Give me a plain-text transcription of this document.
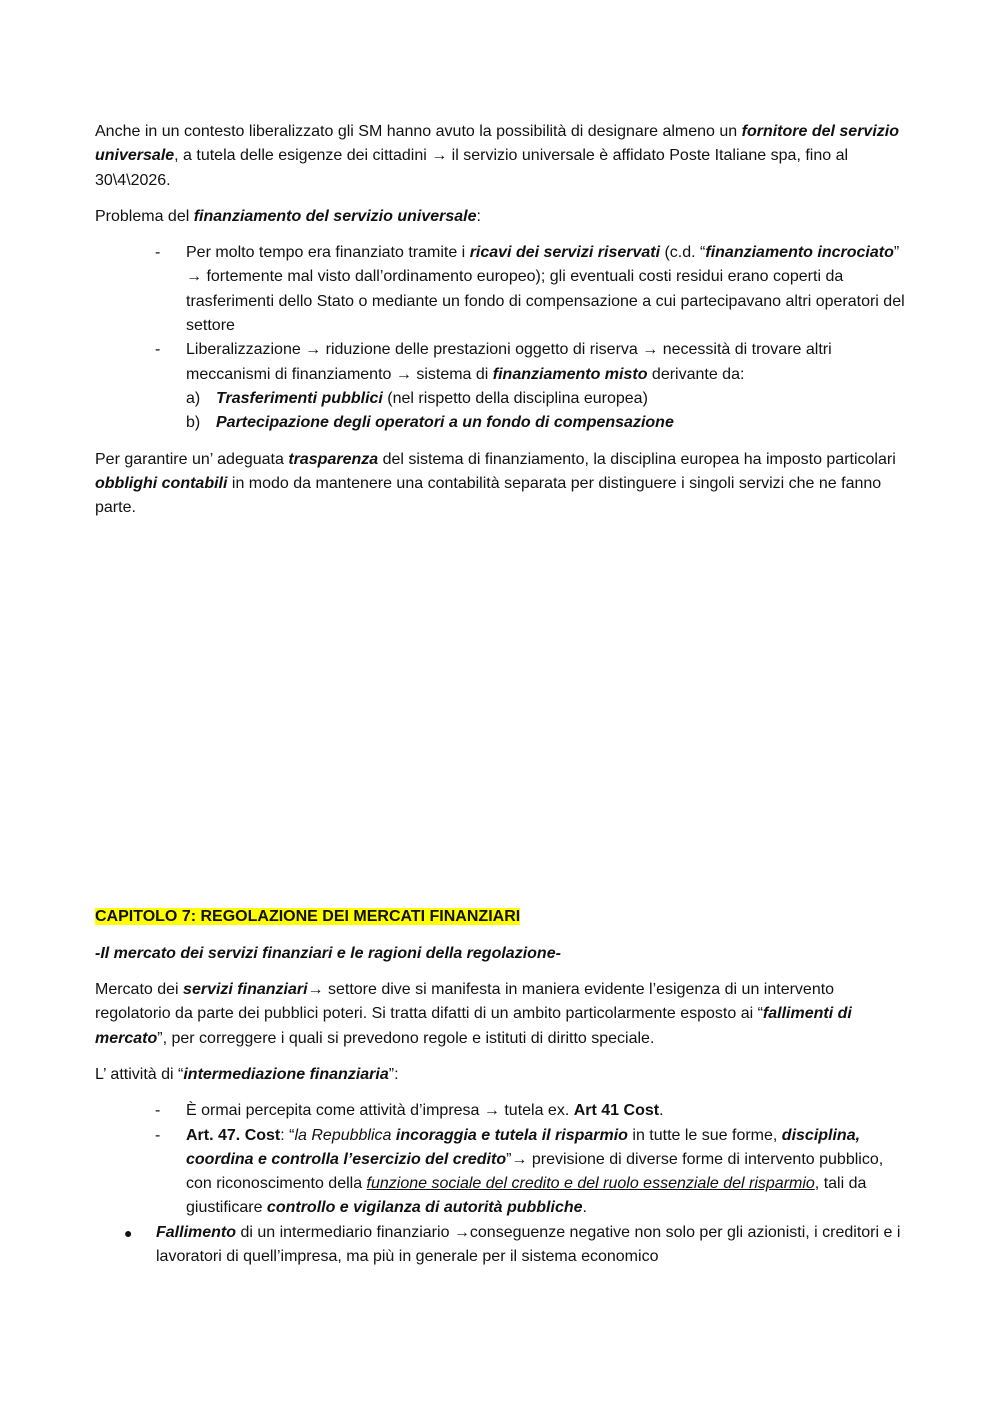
Anche in un contesto liberalizzato gli SM hanno avuto la possibilità di designare almeno un fornitore del servizio universale, a tutela delle esigenze dei cittadini → il servizio universale è affidato Poste Italiane spa, fino al 30\4\2026.

Problema del finanziamento del servizio universale:

- Per molto tempo era finanziato tramite i ricavi dei servizi riservati (c.d. “finanziamento incrociato” → fortemente mal visto dall’ordinamento europeo); gli eventuali costi residui erano coperti da trasferimenti dello Stato o mediante un fondo di compensazione a cui partecipavano altri operatori del settore
- Liberalizzazione → riduzione delle prestazioni oggetto di riserva → necessità di trovare altri meccanismi di finanziamento → sistema di finanziamento misto derivante da:
a) Trasferimenti pubblici (nel rispetto della disciplina europea)
b) Partecipazione degli operatori a un fondo di compensazione

Per garantire un’ adeguata trasparenza del sistema di finanziamento, la disciplina europea ha imposto particolari obblighi contabili in modo da mantenere una contabilità separata per distinguere i singoli servizi che ne fanno parte.

CAPITOLO 7: REGOLAZIONE DEI MERCATI FINANZIARI

-Il mercato dei servizi finanziari e le ragioni della regolazione-

Mercato dei servizi finanziari→ settore dive si manifesta in maniera evidente l’esigenza di un intervento regolatorio da parte dei pubblici poteri. Si tratta difatti di un ambito particolarmente esposto ai “fallimenti di mercato”, per correggere i quali si prevedono regole e istituti di diritto speciale.

L’ attività di “intermediazione finanziaria”:

- È ormai percepita come attività d’impresa → tutela ex. Art 41 Cost.
- Art. 47. Cost: “la Repubblica incoraggia e tutela il risparmio in tutte le sue forme, disciplina, coordina e controlla l’esercizio del credito”→ previsione di diverse forme di intervento pubblico, con riconoscimento della funzione sociale del credito e del ruolo essenziale del risparmio, tali da giustificare controllo e vigilanza di autorità pubbliche.
● Fallimento di un intermediario finanziario →conseguenze negative non solo per gli azionisti, i creditori e i lavoratori di quell’impresa, ma più in generale per il sistema economico
